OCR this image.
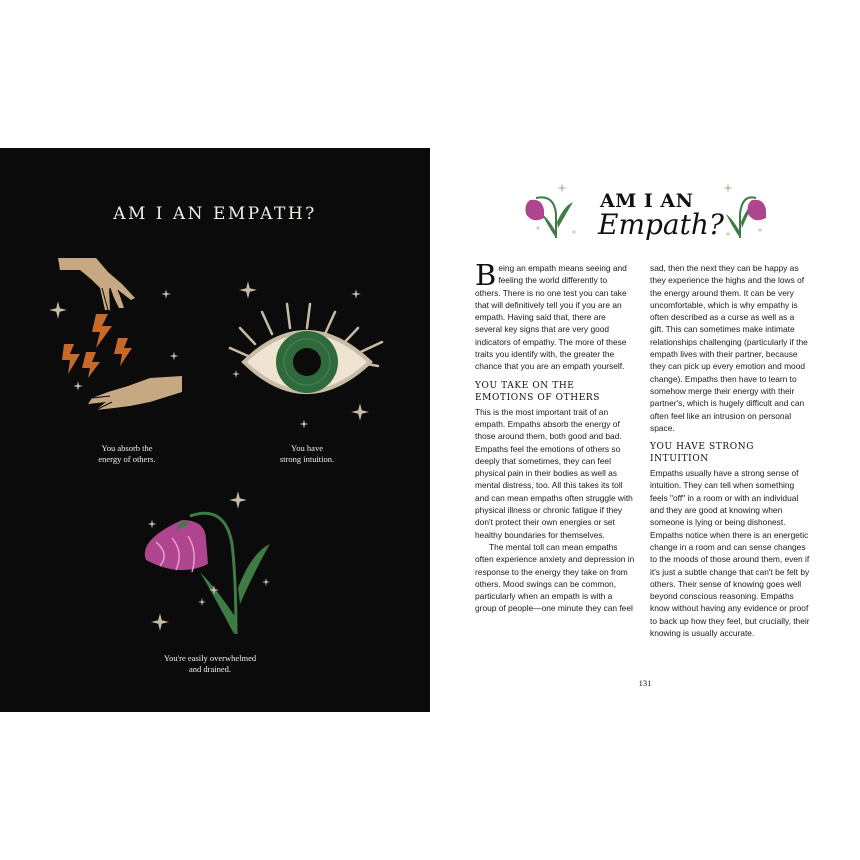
AM I AN EMPATH?
You absorb the
energy of others.
You have
strong intuition.
You're easily overwhelmed
and drained.
AM I AN
Empath?

Being an empath means seeing and feeling the world differently to others. There is no one test you can take that will definitively tell you if you are an empath. Having said that, there are several key signs that are very good indicators of empathy. The more of these traits you identify with, the greater the chance that you are an empath yourself.

YOU TAKE ON THE EMOTIONS OF OTHERS

This is the most important trait of an empath. Empaths absorb the energy of those around them, both good and bad. Empaths feel the emotions of others so deeply that sometimes, they can feel physical pain in their bodies as well as mental distress, too. All this takes its toll and can mean empaths often struggle with physical illness or chronic fatigue if they don't protect their own energies or set healthy boundaries for themselves.

The mental toll can mean empaths often experience anxiety and depression in response to the energy they take on from others. Mood swings can be common, particularly when an empath is with a group of people—one minute they can feel

sad, then the next they can be happy as they experience the highs and the lows of the energy around them. It can be very uncomfortable, which is why empathy is often described as a curse as well as a gift. This can sometimes make intimate relationships challenging (particularly if the empath lives with their partner, because they can pick up every emotion and mood change). Empaths then have to learn to somehow merge their energy with their partner's, which is hugely difficult and can often feel like an intrusion on personal space.

YOU HAVE STRONG INTUITION

Empaths usually have a strong sense of intuition. They can tell when something feels "off" in a room or with an individual and they are good at knowing when someone is lying or being dishonest. Empaths notice when there is an energetic change in a room and can sense changes to the moods of those around them, even if it's just a subtle change that can't be felt by others. Their sense of knowing goes well beyond conscious reasoning. Empaths know without having any evidence or proof to back up how they feel, but crucially, their knowing is usually accurate.

131
